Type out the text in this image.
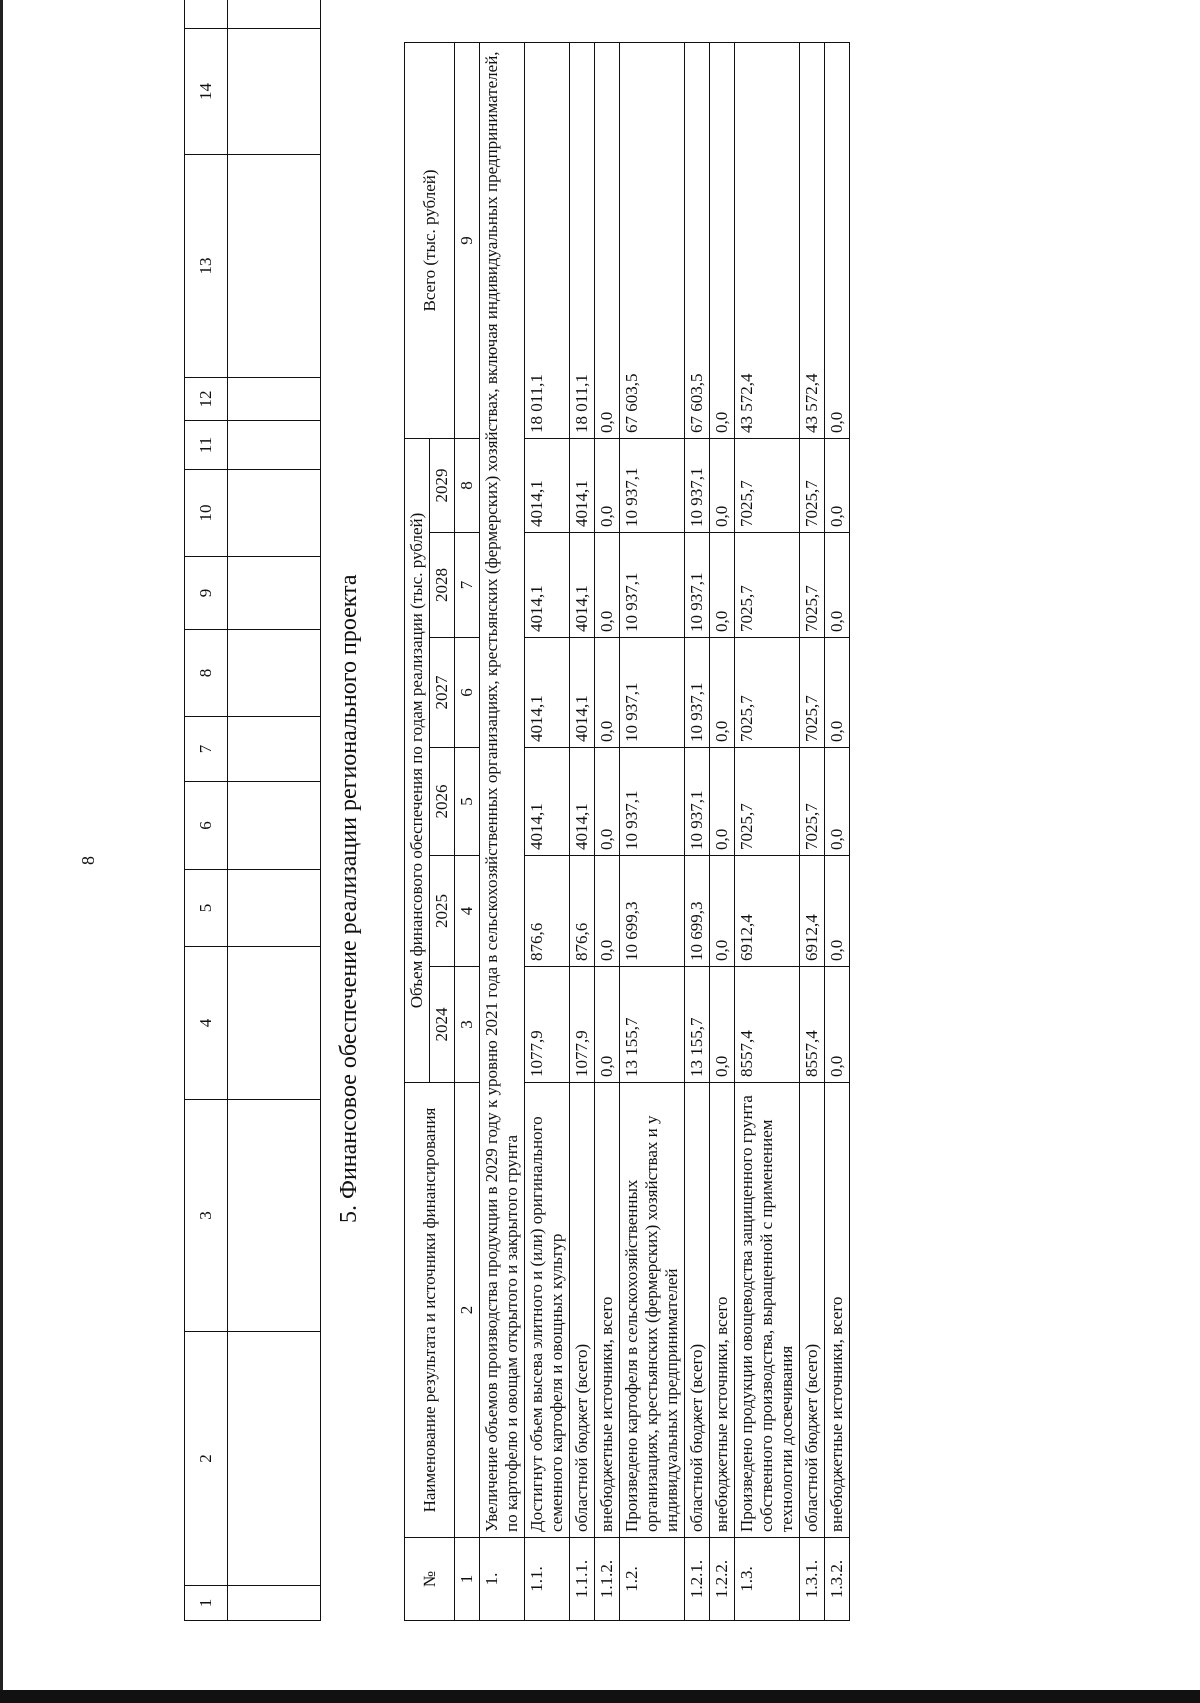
8
1	2	3	4	5	6	7	8	9	10	11	12	13	14		

5. Финансовое обеспечение реализации регионального проекта
№	Наименование результата и источники финансирования	Объем финансового обеспечения по годам реализации (тыс. рублей)						Всего (тыс. рублей)
		2024	2025	2026	2027	2028	2029	
1	2	3	4	5	6	7	8	9
1.	Увеличение объемов производства продукции в 2029 году к уровню 2021 года в сельскохозяйственных организациях, крестьянских (фермерских) хозяйствах, включая индивидуальных предпринимателей, по картофелю и овощам открытого и закрытого грунта							
1.1.	Достигнут объем высева элитного и (или) оригинального семенного картофеля и овощных культур	1077,9	876,6	4014,1	4014,1	4014,1	4014,1	18 011,1
1.1.1.	областной бюджет (всего)	1077,9	876,6	4014,1	4014,1	4014,1	4014,1	18 011,1
1.1.2.	внебюджетные источники, всего	0,0	0,0	0,0	0,0	0,0	0,0	0,0
1.2.	Произведено картофеля в сельскохозяйственных организациях, крестьянских (фермерских) хозяйствах и у индивидуальных предпринимателей	13 155,7	10 699,3	10 937,1	10 937,1	10 937,1	10 937,1	67 603,5
1.2.1.	областной бюджет (всего)	13 155,7	10 699,3	10 937,1	10 937,1	10 937,1	10 937,1	67 603,5
1.2.2.	внебюджетные источники, всего	0,0	0,0	0,0	0,0	0,0	0,0	0,0
1.3.	Произведено продукции овощеводства защищенного грунта собственного производства, выращенной с применением технологии досвечивания	8557,4	6912,4	7025,7	7025,7	7025,7	7025,7	43 572,4
1.3.1.	областной бюджет (всего)	8557,4	6912,4	7025,7	7025,7	7025,7	7025,7	43 572,4
1.3.2.	внебюджетные источники, всего	0,0	0,0	0,0	0,0	0,0	0,0	0,0
